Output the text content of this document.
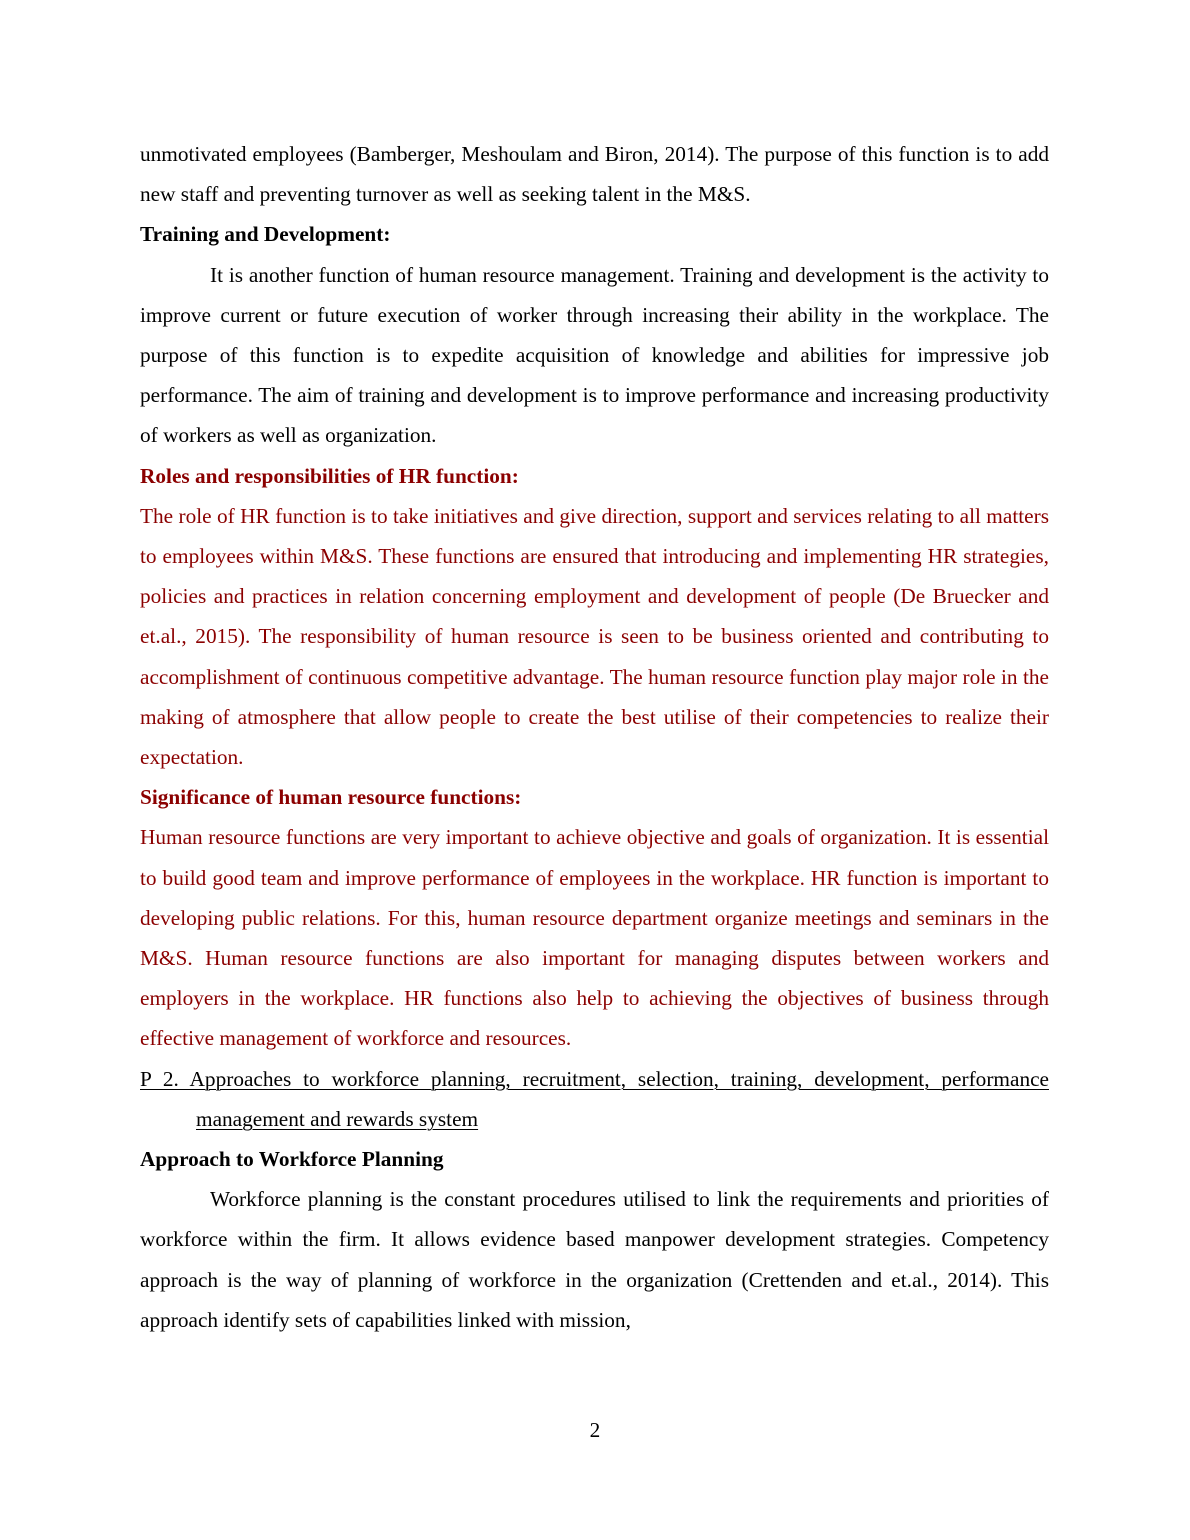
unmotivated employees (Bamberger, Meshoulam and Biron, 2014). The purpose of this function is to add new staff and preventing turnover as well as seeking talent in the M&S.

Training and Development:

It is another function of human resource management. Training and development is the activity to improve current or future execution of worker through increasing their ability in the workplace. The purpose of this function is to expedite acquisition of knowledge and abilities for impressive job performance. The aim of training and development is to improve performance and increasing productivity of workers as well as organization.

Roles and responsibilities of HR function:

The role of HR function is to take initiatives and give direction, support and services relating to all matters to employees within M&S. These functions are ensured that introducing and implementing HR strategies, policies and practices in relation concerning employment and development of people (De Bruecker and et.al., 2015). The responsibility of human resource is seen to be business oriented and contributing to accomplishment of continuous competitive advantage. The human resource function play major role in the making of atmosphere that allow people to create the best utilise of their competencies to realize their expectation.

Significance of human resource functions:

Human resource functions are very important to achieve objective and goals of organization. It is essential to build good team and improve performance of employees in the workplace. HR function is important to developing public relations. For this, human resource department organize meetings and seminars in the M&S. Human resource functions are also important for managing disputes between workers and employers in the workplace. HR functions also help to achieving the objectives of business through effective management of workforce and resources.

P 2. Approaches to workforce planning, recruitment, selection, training, development, performance management and rewards system

Approach to Workforce Planning

Workforce planning is the constant procedures utilised to link the requirements and priorities of workforce within the firm. It allows evidence based manpower development strategies. Competency approach is the way of planning of workforce in the organization (Crettenden and et.al., 2014). This approach identify sets of capabilities linked with mission,

2
